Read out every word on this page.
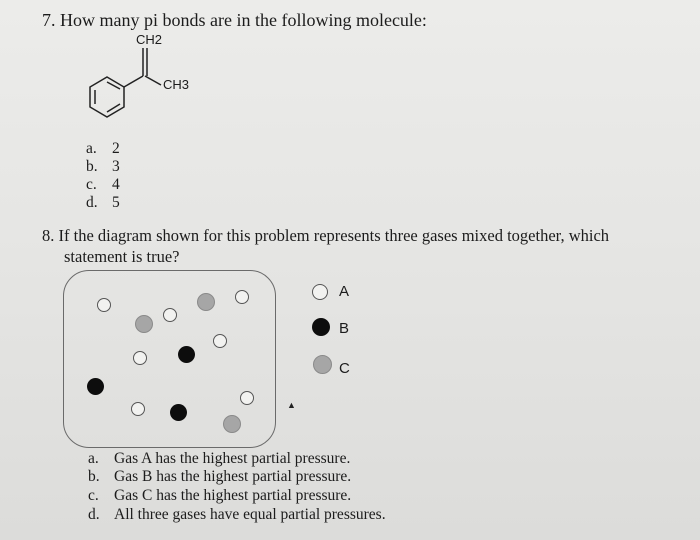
7. How many pi bonds are in the following molecule:
CH2
CH3
a. 2
b. 3
c. 4
d. 5
8. If the diagram shown for this problem represents three gases mixed together, which
statement is true?
▲
A
B
C
a. Gas A has the highest partial pressure.
b. Gas B has the highest partial pressure.
c. Gas C has the highest partial pressure.
d. All three gases have equal partial pressures.
